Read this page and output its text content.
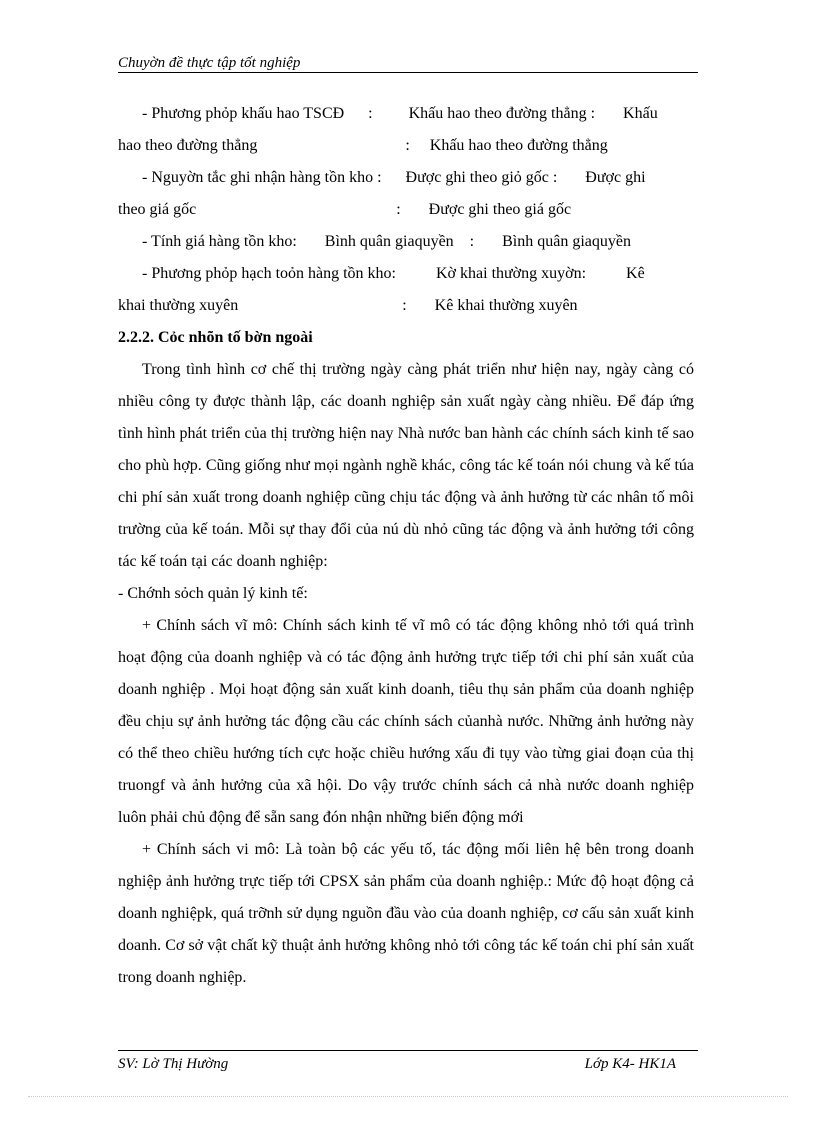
Chuyờn đề thực tập tốt nghiệp

- Phương phỏp khấu hao TSCĐ      :         Khấu hao theo đường thẳng :       Khấu

hao theo đường thẳng                                     :     Khấu hao theo đường thẳng

- Nguyờn tắc ghi nhận hàng tồn kho :      Được ghi theo giỏ gốc :       Được ghi

theo giá gốc                                                  :       Được ghi theo giá gốc

- Tính giá hàng tồn kho:       Bình quân giaquyền    :       Bình quân giaquyền

- Phương phỏp hạch toỏn hàng tồn kho:          Kờ khai thường xuyờn:          Kê

khai thường xuyên                                         :       Kê khai thường xuyên

2.2.2. Cỏc nhõn tố bờn ngoài

Trong tình hình cơ chế thị trường ngày càng phát triển như hiện nay, ngày càng có nhiều công ty được thành lập, các doanh nghiệp sản xuất ngày càng nhiều. Để đáp ứng tình hình phát triển của thị trường hiện nay Nhà nước ban hành các chính sách kinh tế sao cho phù hợp. Cũng giống như mọi ngành nghề khác, công tác kế toán nói chung và kế túa chi phí sản xuất trong doanh nghiệp cũng chịu tác động và ảnh hưởng từ các nhân tố môi trường của kế toán. Mỗi sự thay đổi của nú dù nhỏ cũng tác động và ảnh hưởng tới công tác kế toán tại các doanh nghiệp:

- Chớnh sỏch quản lý kinh tế:

+ Chính sách vĩ mô: Chính sách kinh tế vĩ mô có tác động không nhỏ tới quá trình hoạt động của doanh nghiệp và có tác động ảnh hưởng trực tiếp tới chi phí sản xuất của doanh nghiệp . Mọi hoạt động sản xuất kinh doanh, tiêu thụ sản phẩm của doanh nghiệp đều chịu sự ảnh hưởng tác động cầu các chính sách củanhà nước. Những ảnh hưởng này có thể theo chiều hướng tích cực hoặc chiều hướng xấu đi tụy vào từng giai đoạn của thị truongf và ảnh hưởng của xã hội. Do vậy trước chính sách cả nhà nước doanh nghiệp luôn phải chủ động để sẵn sang đón nhận những biến động mới

+ Chính sách vi mô: Là toàn bộ các yếu tố, tác động mối liên hệ bên trong doanh nghiệp ảnh hưởng trực tiếp tới CPSX sản phẩm của doanh nghiệp.: Mức độ hoạt động cả doanh nghiệpk, quá trỡnh sử dụng nguồn đầu vào của doanh nghiệp, cơ cấu sản xuất kinh doanh. Cơ sở vật chất kỹ thuật ảnh hưởng không nhỏ tới công tác kế toán chi phí sản xuất trong doanh nghiệp.

SV: Lờ Thị Hường	Lớp K4- HK1A
